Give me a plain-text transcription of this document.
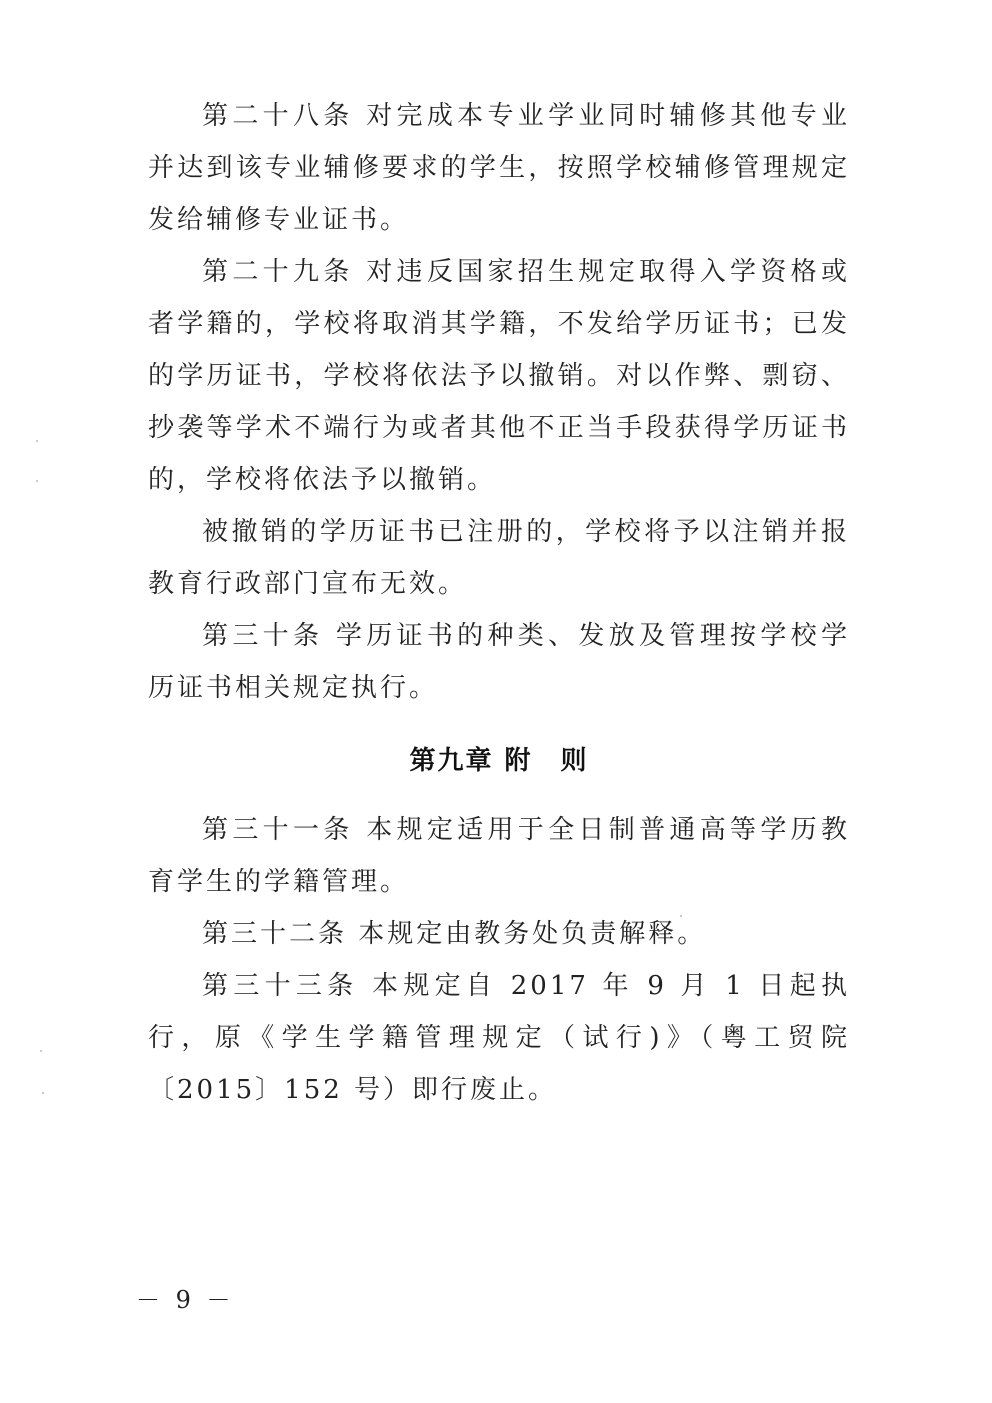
第二十八条 对完成本专业学业同时辅修其他专业并达到该专业辅修要求的学生，按照学校辅修管理规定发给辅修专业证书。

第二十九条 对违反国家招生规定取得入学资格或者学籍的，学校将取消其学籍，不发给学历证书；已发的学历证书，学校将依法予以撤销。对以作弊、剽窃、抄袭等学术不端行为或者其他不正当手段获得学历证书的，学校将依法予以撤销。

被撤销的学历证书已注册的，学校将予以注销并报教育行政部门宣布无效。

第三十条 学历证书的种类、发放及管理按学校学历证书相关规定执行。

第九章 附　则

第三十一条 本规定适用于全日制普通高等学历教育学生的学籍管理。

第三十二条 本规定由教务处负责解释。

第三十三条 本规定自 2017 年 9 月 1 日起执行，原《学生学籍管理规定（试行)》（粤工贸院〔2015〕152 号）即行废止。

－ 9 －
